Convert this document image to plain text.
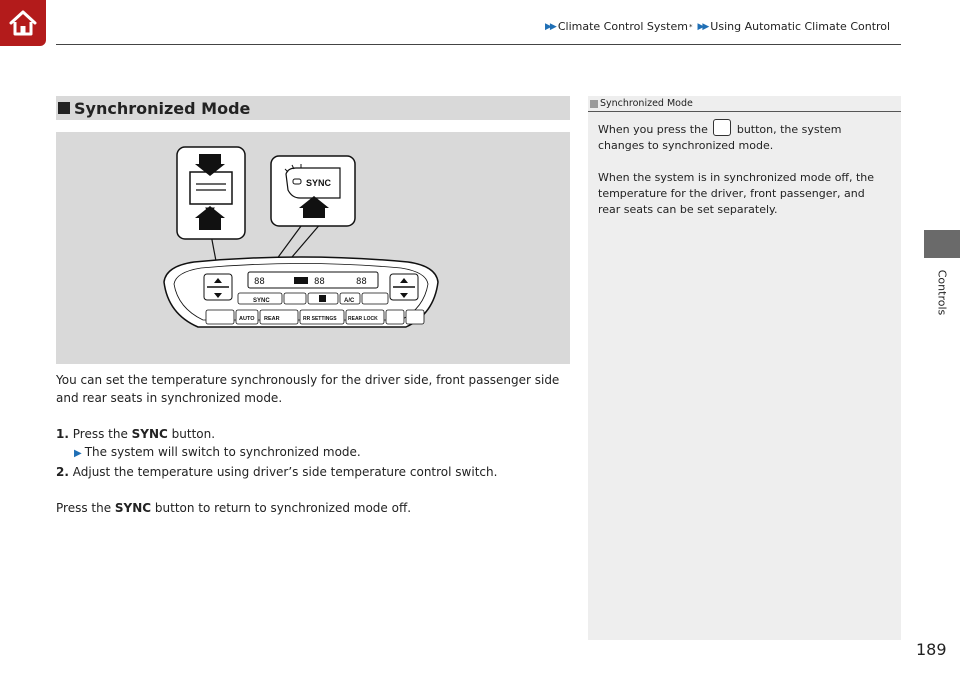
▶▶ Climate Control System * ▶▶ Using Automatic Climate Control
Controls
Synchronized Mode
SYNC
88	88	88
SYNC	A/C
AUTO REAR	RR SETTINGS REAR LOCK

You can set the temperature synchronously for the driver side, front passenger side and rear seats in synchronized mode.

1. Press the SYNC button.

▶ The system will switch to synchronized mode.

2. Adjust the temperature using driver’s side temperature control switch.

Press the SYNC button to return to synchronized mode off.

Synchronized Mode

When you press the  button, the system changes to synchronized mode.

When the system is in synchronized mode off, the temperature for the driver, front passenger, and rear seats can be set separately.

189
